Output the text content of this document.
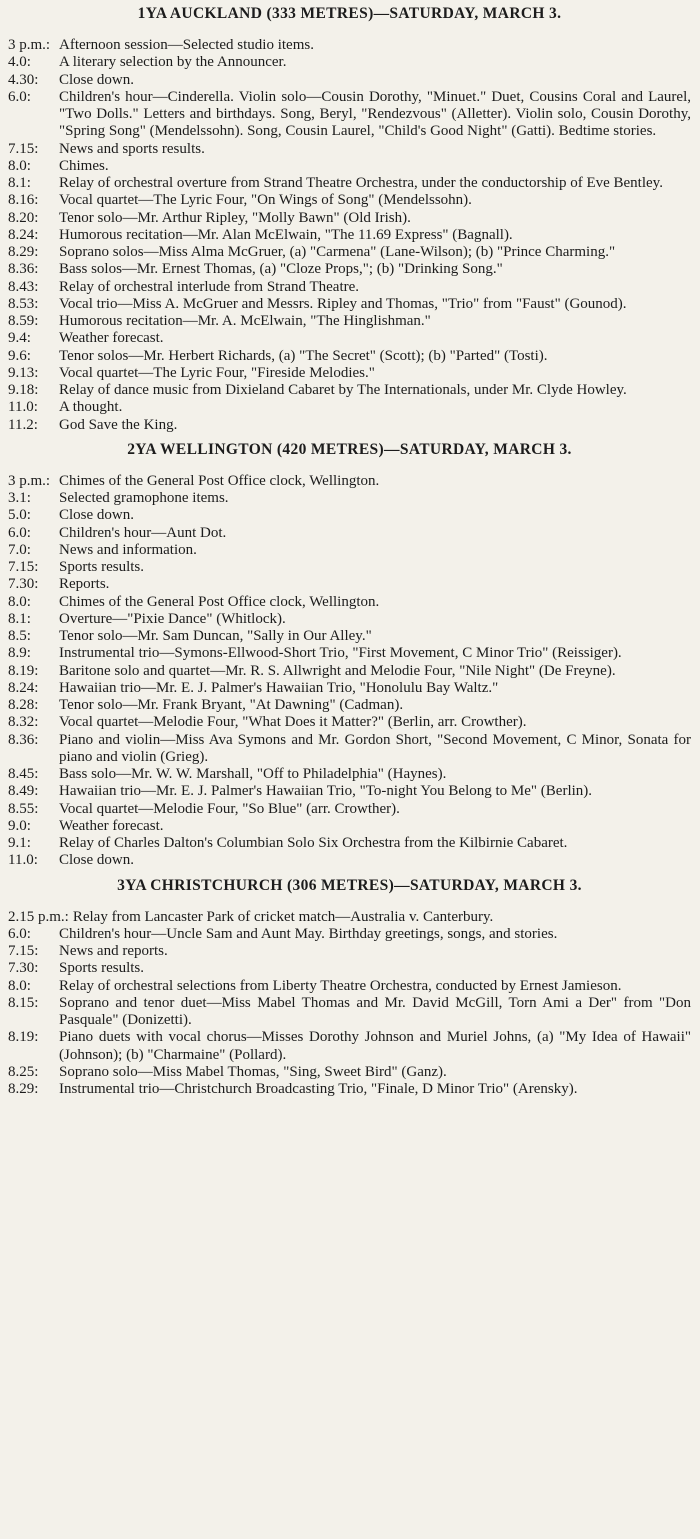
1YA AUCKLAND (333 METRES)—SATURDAY, MARCH 3.
3 p.m.: Afternoon session—Selected studio items.
4.0:	A literary selection by the Announcer.
4.30:	Close down.
6.0:	Children's hour—Cinderella. Violin solo—Cousin Dorothy, "Minuet." Duet, Cousins Coral and Laurel, "Two Dolls." Letters and birthdays. Song, Beryl, "Rendezvous" (Alletter). Violin solo, Cousin Dorothy, "Spring Song" (Mendelssohn). Song, Cousin Laurel, "Child's Good Night" (Gatti). Bedtime stories.
7.15:	News and sports results.
8.0:	Chimes.
8.1:	Relay of orchestral overture from Strand Theatre Orchestra, under the conductorship of Eve Bentley.
8.16:	Vocal quartet—The Lyric Four, "On Wings of Song" (Mendelssohn).
8.20:	Tenor solo—Mr. Arthur Ripley, "Molly Bawn" (Old Irish).
8.24:	Humorous recitation—Mr. Alan McElwain, "The 11.69 Express" (Bagnall).
8.29:	Soprano solos—Miss Alma McGruer, (a) "Carmena" (Lane-Wilson); (b) "Prince Charming."
8.36:	Bass solos—Mr. Ernest Thomas, (a) "Cloze Props,"; (b) "Drinking Song."
8.43:	Relay of orchestral interlude from Strand Theatre.
8.53:	Vocal trio—Miss A. McGruer and Messrs. Ripley and Thomas, "Trio" from "Faust" (Gounod).
8.59:	Humorous recitation—Mr. A. McElwain, "The Hinglishman."
9.4:	Weather forecast.
9.6:	Tenor solos—Mr. Herbert Richards, (a) "The Secret" (Scott); (b) "Parted" (Tosti).
9.13:	Vocal quartet—The Lyric Four, "Fireside Melodies."
9.18:	Relay of dance music from Dixieland Cabaret by The Internationals, under Mr. Clyde Howley.
11.0:	A thought.
11.2:	God Save the King.
2YA WELLINGTON (420 METRES)—SATURDAY, MARCH 3.
3 p.m.: Chimes of the General Post Office clock, Wellington.
3.1:	Selected gramophone items.
5.0:	Close down.
6.0:	Children's hour—Aunt Dot.
7.0:	News and information.
7.15:	Sports results.
7.30:	Reports.
8.0:	Chimes of the General Post Office clock, Wellington.
8.1:	Overture—"Pixie Dance" (Whitlock).
8.5:	Tenor solo—Mr. Sam Duncan, "Sally in Our Alley."
8.9:	Instrumental trio—Symons-Ellwood-Short Trio, "First Movement, C Minor Trio" (Reissiger).
8.19:	Baritone solo and quartet—Mr. R. S. Allwright and Melodie Four, "Nile Night" (De Freyne).
8.24:	Hawaiian trio—Mr. E. J. Palmer's Hawaiian Trio, "Honolulu Bay Waltz."
8.28:	Tenor solo—Mr. Frank Bryant, "At Dawning" (Cadman).
8.32:	Vocal quartet—Melodie Four, "What Does it Matter?" (Berlin, arr. Crowther).
8.36:	Piano and violin—Miss Ava Symons and Mr. Gordon Short, "Second Movement, C Minor, Sonata for piano and violin (Grieg).
8.45:	Bass solo—Mr. W. W. Marshall, "Off to Philadelphia" (Haynes).
8.49:	Hawaiian trio—Mr. E. J. Palmer's Hawaiian Trio, "To-night You Belong to Me" (Berlin).
8.55:	Vocal quartet—Melodie Four, "So Blue" (arr. Crowther).
9.0:	Weather forecast.
9.1:	Relay of Charles Dalton's Columbian Solo Six Orchestra from the Kilbirnie Cabaret.
11.0:	Close down.
3YA CHRISTCHURCH (306 METRES)—SATURDAY, MARCH 3.
2.15 p.m.: Relay from Lancaster Park of cricket match—Australia v. Canterbury.
6.0:	Children's hour—Uncle Sam and Aunt May. Birthday greetings, songs, and stories.
7.15:	News and reports.
7.30:	Sports results.
8.0:	Relay of orchestral selections from Liberty Theatre Orchestra, conducted by Ernest Jamieson.
8.15:	Soprano and tenor duet—Miss Mabel Thomas and Mr. David McGill, Torn Ami a Der" from "Don Pasquale" (Donizetti).
8.19:	Piano duets with vocal chorus—Misses Dorothy Johnson and Muriel Johns, (a) "My Idea of Hawaii" (Johnson); (b) "Charmaine" (Pollard).
8.25:	Soprano solo—Miss Mabel Thomas, "Sing, Sweet Bird" (Ganz).
8.29:	Instrumental trio—Christchurch Broadcasting Trio, "Finale, D Minor Trio" (Arensky).
